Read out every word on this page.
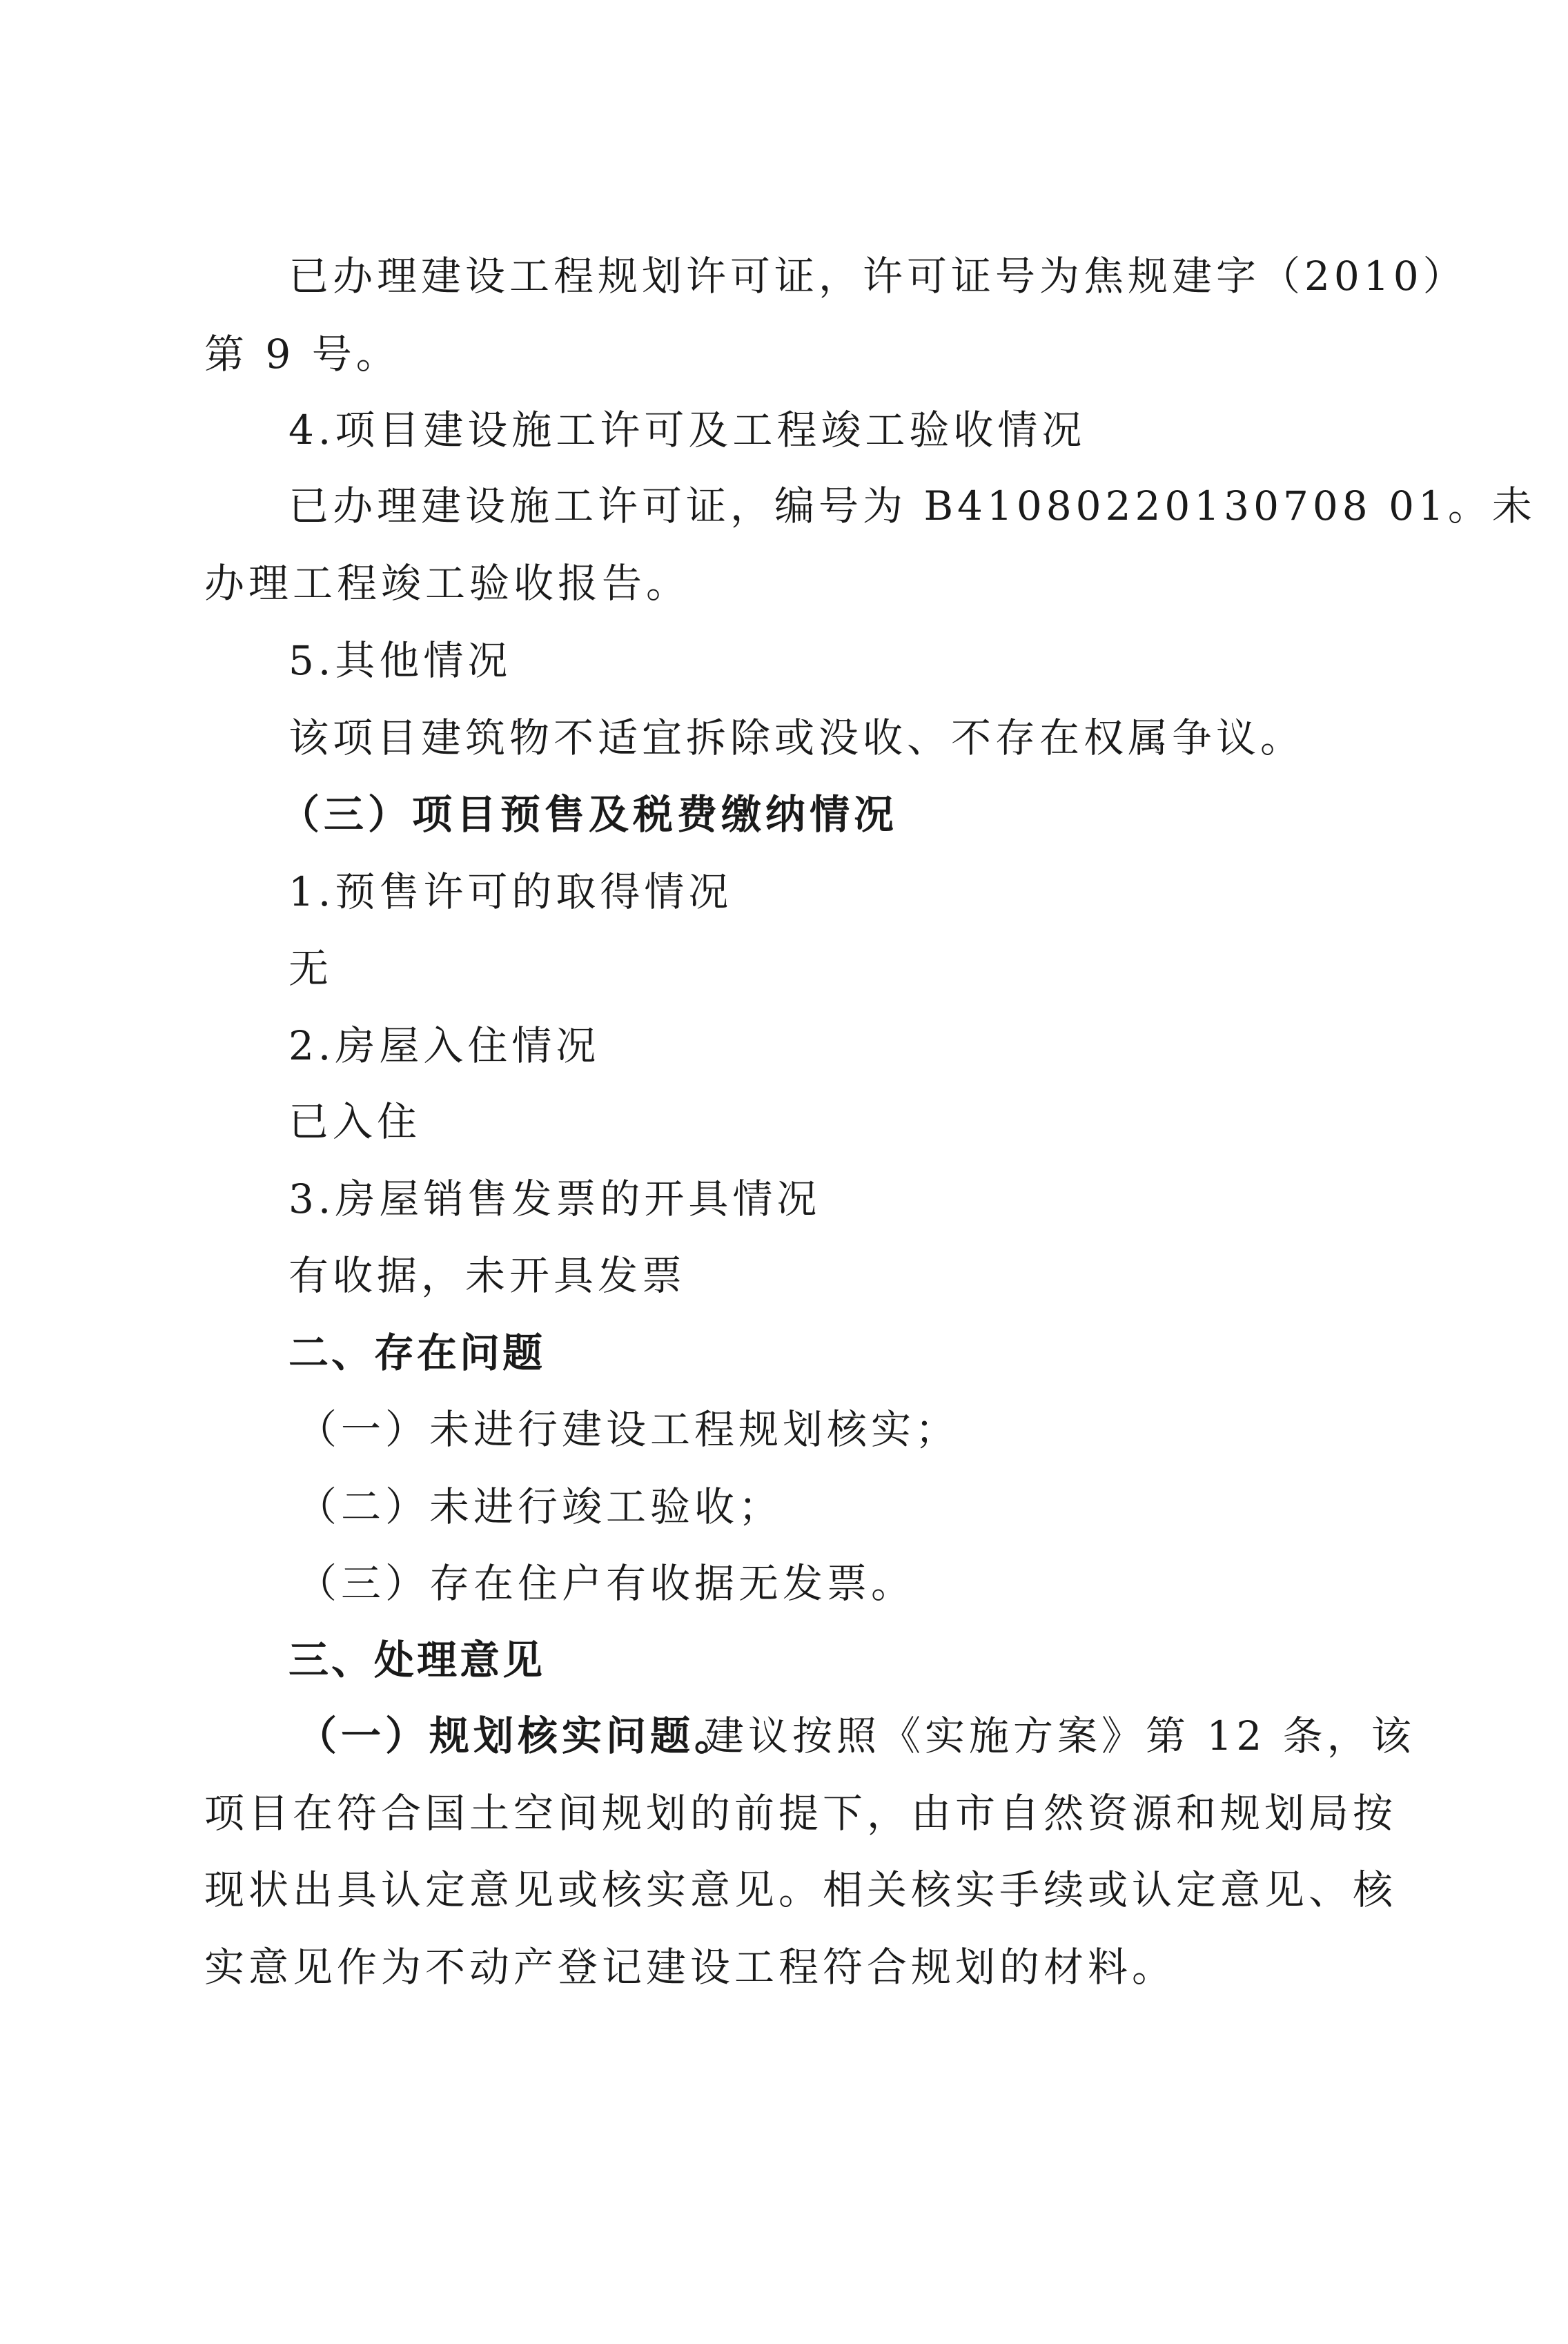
已办理建设工程规划许可证，许可证号为焦规建字（2010）
第 9 号。
4.项目建设施工许可及工程竣工验收情况
已办理建设施工许可证，编号为 B41080220130708 01。未
办理工程竣工验收报告。
5.其他情况
该项目建筑物不适宜拆除或没收、不存在权属争议。
（三）项目预售及税费缴纳情况
1.预售许可的取得情况
无
2.房屋入住情况
已入住
3.房屋销售发票的开具情况
有收据，未开具发票
二、存在问题
（一）未进行建设工程规划核实；
（二）未进行竣工验收；
（三）存在住户有收据无发票。
三、处理意见
（一）规划核实问题。
建议按照《实施方案》第 12 条，该
项目在符合国土空间规划的前提下，由市自然资源和规划局按
现状出具认定意见或核实意见。相关核实手续或认定意见、核
实意见作为不动产登记建设工程符合规划的材料。
